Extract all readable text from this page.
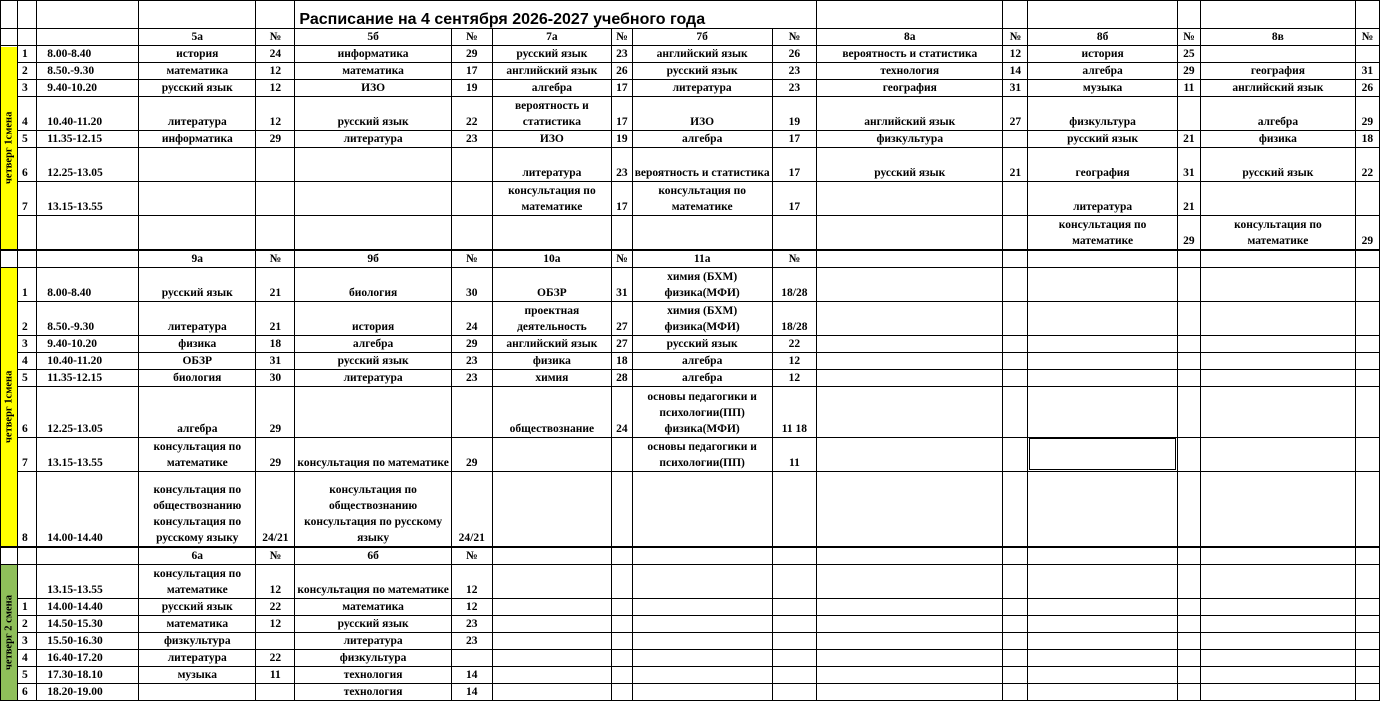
					Расписание на 4 сентября 2026-2027 учебного года											
			5а	№	5б	№	7а	№	7б	№	8а	№	8б	№	8в	№
четверг 1смена	1	8.00-8.40	история	24	информатика	29	русский язык	23	английский язык	26	вероятность и статистика	12	история	25		
	2	8.50.-9.30	математика	12	математика	17	английский язык	26	русский язык	23	технология	14	алгебра	29	география	31
	3	9.40-10.20	русский язык	12	ИЗО	19	алгебра	17	литература	23	география	31	музыка	11	английский язык	26
	4	10.40-11.20	литература	12	русский язык	22	вероятность и статистика	17	ИЗО	19	английский язык	27	физкультура		алгебра	29
	5	11.35-12.15	информатика	29	литература	23	ИЗО	19	алгебра	17	физкультура		русский язык	21	физика	18
	6	12.25-13.05					литература	23	вероятность и статистика	17	русский язык	21	география	31	русский язык	22
	7	13.15-13.55					консультация по математике	17	консультация по математике	17			литература	21		
													консультация по математике	29	консультация по математике	29
			9а	№	9б	№	10а	№	11а	№						
четверг 1смена	1	8.00-8.40	русский язык	21	биология	30	ОБЗР	31	химия (БХМ) физика(МФИ)	18/28						
	2	8.50.-9.30	литература	21	история	24	проектная деятельность	27	химия (БХМ) физика(МФИ)	18/28						
	3	9.40-10.20	физика	18	алгебра	29	английский язык	27	русский язык	22						
	4	10.40-11.20	ОБЗР	31	русский язык	23	физика	18	алгебра	12						
	5	11.35-12.15	биология	30	литература	23	химия	28	алгебра	12						
	6	12.25-13.05	алгебра	29			обществознание	24	основы педагогики и психологии(ПП) физика(МФИ)	11 18						
	7	13.15-13.55	консультация по математике	29	консультация по математике	29			основы педагогики и психологии(ПП)	11						
	8	14.00-14.40	консультация по обществознанию консультация по русскому языку	24/21	консультация по обществознанию консультация по русскому языку	24/21										
			6а	№	6б	№										
четверг 2 смена		13.15-13.55	консультация по математике	12	консультация по математике	12										
	1	14.00-14.40	русский язык	22	математика	12										
	2	14.50-15.30	математика	12	русский язык	23										
	3	15.50-16.30	физкультура		литература	23										
	4	16.40-17.20	литература	22	физкультура											
	5	17.30-18.10	музыка	11	технология	14										
	6	18.20-19.00			технология	14										
